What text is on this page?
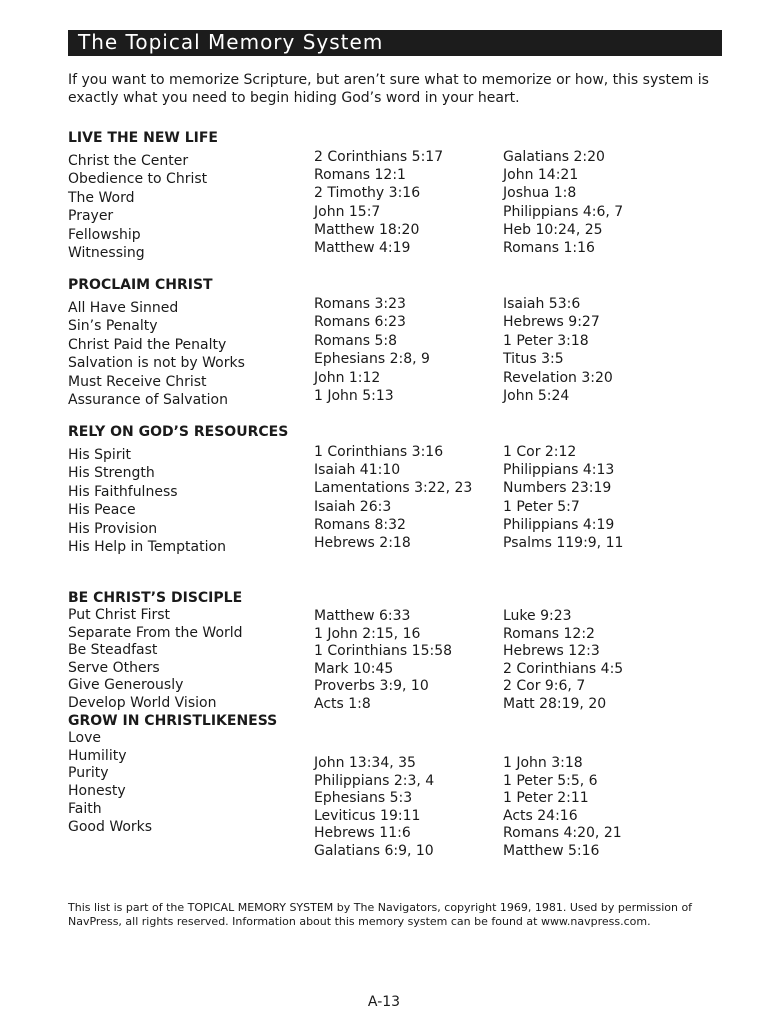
The Topical Memory System

If you want to memorize Scripture, but aren’t sure what to memorize or how, this system is exactly what you need to begin hiding God’s word in your heart.

LIVE THE NEW LIFE
Christ the Center
Obedience to Christ
The Word
Prayer
Fellowship
Witnessing
2 Corinthians 5:17
Romans 12:1
2 Timothy 3:16
John 15:7
Matthew 18:20
Matthew 4:19
Galatians 2:20
John 14:21
Joshua 1:8
Philippians 4:6, 7
Heb 10:24, 25
Romans 1:16
PROCLAIM CHRIST
All Have Sinned
Sin’s Penalty
Christ Paid the Penalty
Salvation is not by Works
Must Receive Christ
Assurance of Salvation
Romans 3:23
Romans 6:23
Romans 5:8
Ephesians 2:8, 9
John 1:12
1 John 5:13
Isaiah 53:6
Hebrews 9:27
1 Peter 3:18
Titus 3:5
Revelation 3:20
John 5:24
RELY ON GOD’S RESOURCES
His Spirit
His Strength
His Faithfulness
His Peace
His Provision
His Help in Temptation
1 Corinthians 3:16
Isaiah 41:10
Lamentations 3:22, 23
Isaiah 26:3
Romans 8:32
Hebrews 2:18
1 Cor 2:12
Philippians 4:13
Numbers 23:19
1 Peter 5:7
Philippians 4:19
Psalms 119:9, 11
BE CHRIST’S DISCIPLE
Put Christ First
Separate From the World
Be Steadfast
Serve Others
Give Generously
Develop World Vision
Matthew 6:33
1 John 2:15, 16
1 Corinthians 15:58
Mark 10:45
Proverbs 3:9, 10
Acts 1:8
Luke 9:23
Romans 12:2
Hebrews 12:3
2 Corinthians 4:5
2 Cor 9:6, 7
Matt 28:19, 20
GROW IN CHRISTLIKENESS
Love
Humility
Purity
Honesty
Faith
Good Works
John 13:34, 35
Philippians 2:3, 4
Ephesians 5:3
Leviticus 19:11
Hebrews 11:6
Galatians 6:9, 10
1 John 3:18
1 Peter 5:5, 6
1 Peter 2:11
Acts 24:16
Romans 4:20, 21
Matthew 5:16

This list is part of the TOPICAL MEMORY SYSTEM by The Navigators, copyright 1969, 1981. Used by permission of NavPress, all rights reserved. Information about this memory system can be found at www.navpress.com.

A-13
